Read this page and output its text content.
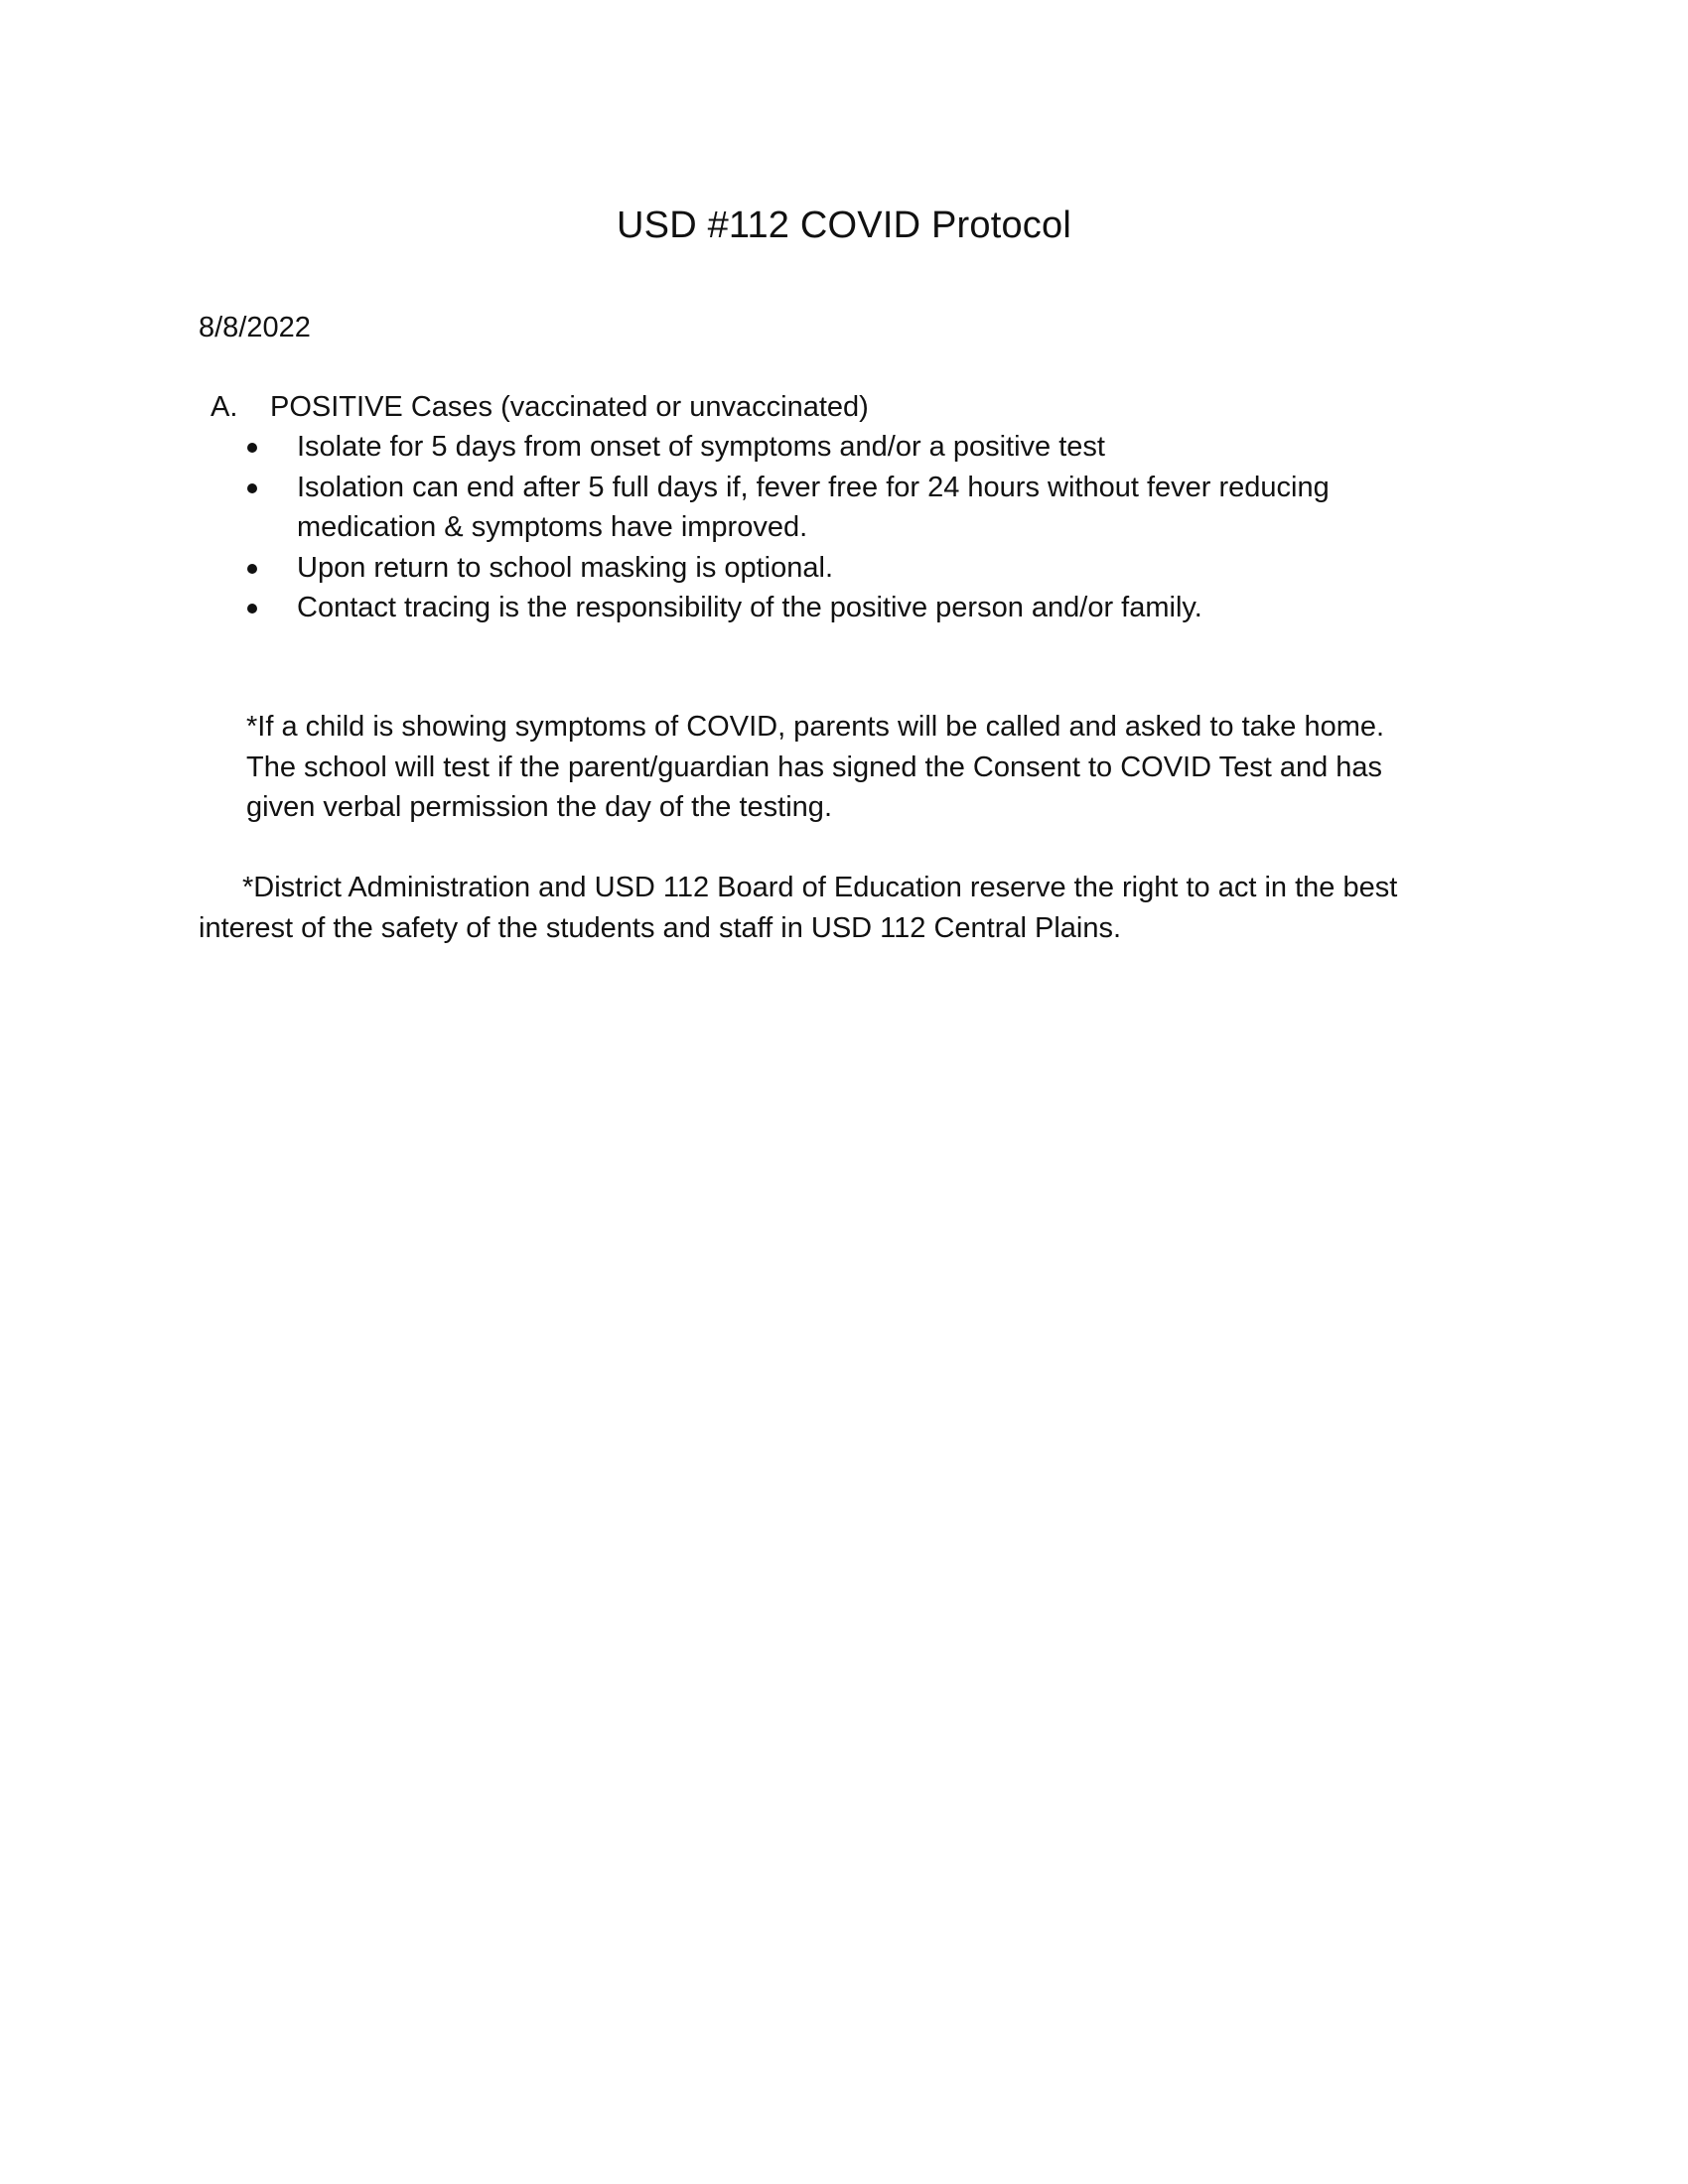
USD #112 COVID Protocol
8/8/2022
A.	POSITIVE Cases (vaccinated or unvaccinated)
Isolate for 5 days from onset of symptoms and/or a positive test
Isolation can end after 5 full days if, fever free for 24 hours without fever reducing medication & symptoms have improved.
Upon return to school masking is optional.
Contact tracing is the responsibility of the positive person and/or family.
*If a child is showing symptoms of COVID, parents will be called and asked to take home.
The school will test if the parent/guardian has signed the Consent to COVID Test and has
given verbal permission the day of the testing.
*District Administration and USD 112 Board of Education reserve the right to act in the best
interest of the safety of the students and staff in USD 112 Central Plains.
